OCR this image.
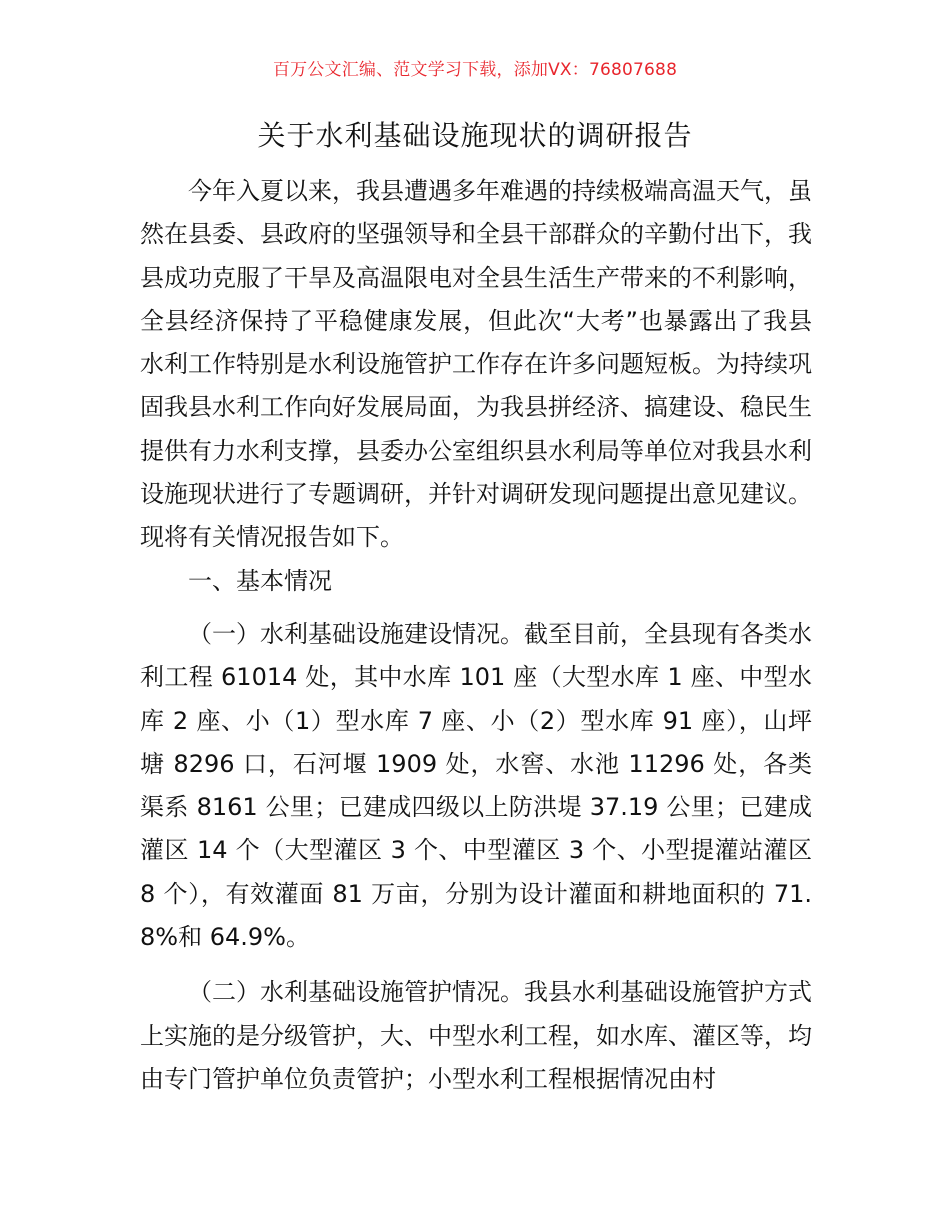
百万公文汇编、范文学习下载，添加VX：76807688
关于水利基础设施现状的调研报告

今年入夏以来，我县遭遇多年难遇的持续极端高温天气，虽然在县委、县政府的坚强领导和全县干部群众的辛勤付出下，我县成功克服了干旱及高温限电对全县生活生产带来的不利影响，全县经济保持了平稳健康发展，但此次“大考”也暴露出了我县水利工作特别是水利设施管护工作存在许多问题短板。为持续巩固我县水利工作向好发展局面，为我县拼经济、搞建设、稳民生提供有力水利支撑，县委办公室组织县水利局等单位对我县水利设施现状进行了专题调研，并针对调研发现问题提出意见建议。现将有关情况报告如下。

一、基本情况

（一）水利基础设施建设情况。截至目前，全县现有各类水利工程 61014 处，其中水库 101 座（大型水库 1 座、中型水库 2 座、小（1）型水库 7 座、小（2）型水库 91 座），山坪塘 8296 口，石河堰 1909 处，水窖、水池 11296 处，各类渠系 8161 公里；已建成四级以上防洪堤 37.19 公里；已建成灌区 14 个（大型灌区 3 个、中型灌区 3 个、小型提灌站灌区 8 个），有效灌面 81 万亩，分别为设计灌面和耕地面积的 71.8%和 64.9%。

（二）水利基础设施管护情况。我县水利基础设施管护方式上实施的是分级管护，大、中型水利工程，如水库、灌区等，均由专门管护单位负责管护；小型水利工程根据情况由村
